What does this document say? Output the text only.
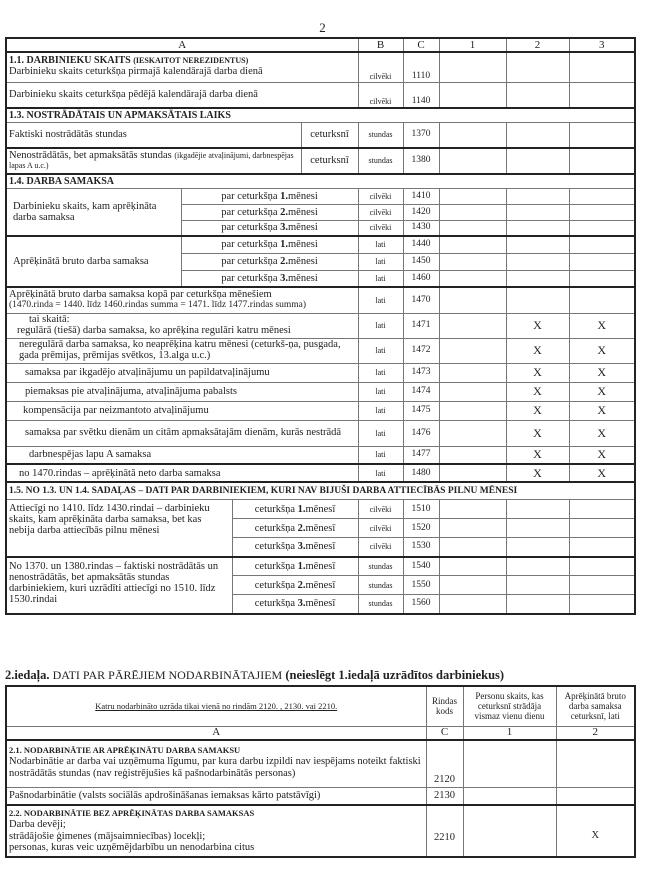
2
A				B	C	1	2	3

1.1. DARBINIEKU SKAITS (IESKAITOT NEREZIDENTUS)
Darbinieku skaits ceturkšņa pirmajā kalendārajā darba dienā				cilvēki	1110			
Darbinieku skaits ceturkšņa pēdējā kalendārajā darba dienā				cilvēki	1140			
1.3. NOSTRĀDĀTAIS UN APMAKSĀTAIS LAIKS								
Faktiski nostrādātās stundas			ceturksnī	stundas	1370			
Nenostrādātās, bet apmaksātās stundas (ikgadējie atvaļinājumi, darbnespējas lapas A u.c.)			ceturksnī	stundas	1380			
1.4. DARBA SAMAKSA								
Darbinieku skaits, kam aprēķināta darba samaksa	par ceturkšņa 1.mēnesi			cilvēki	1410			
	par ceturkšņa 2.mēnesi			cilvēki	1420			
	par ceturkšņa 3.mēnesi			cilvēki	1430			
Aprēķinātā bruto darba samaksa	par ceturkšņa 1.mēnesi			lati	1440			
	par ceturkšņa 2.mēnesi			lati	1450			
	par ceturkšņa 3.mēnesi			lati	1460			

Aprēķinātā bruto darba samaksa kopā par ceturkšņa mēnešiem
(1470.rinda = 1440. līdz 1460.rindas summa = 1471. līdz 1477.rindas summa)				lati	1470			

tai skaitā:
regulārā (tiešā) darba samaksa, ko aprēķina regulāri katru mēnesi				lati	1471		X	X
neregulārā darba samaksa, ko neaprēķina katru mēnesi (ceturkš-ņa, pusgada, gada prēmijas, prēmijas svētkos, 13.alga u.c.)				lati	1472		X	X
samaksa par ikgadējo atvaļinājumu un papildatvaļinājumu				lati	1473		X	X
piemaksas pie atvaļinājuma, atvaļinājuma pabalsts				lati	1474		X	X
kompensācija par neizmantoto atvaļinājumu				lati	1475		X	X
samaksa par svētku dienām un citām apmaksātajām dienām, kurās nestrādā				lati	1476		X	X
darbnespējas lapu A samaksa				lati	1477		X	X
no 1470.rindas – aprēķinātā neto darba samaksa				lati	1480		X	X
1.5. NO 1.3. UN 1.4. SADAĻAS – DATI PAR DARBINIEKIEM, KURI NAV BIJUŠI DARBA ATTIECĪBĀS PILNU MĒNESI								
Attiecīgi no 1410. līdz 1430.rindai – darbinieku skaits, kam aprēķināta darba samaksa, bet kas nebija darba attiecībās pilnu mēnesi		ceturkšņa 1.mēnesī		cilvēki	1510			
		ceturkšņa 2.mēnesī		cilvēki	1520			
		ceturkšņa 3.mēnesī		cilvēki	1530			
No 1370. un 1380.rindas – faktiski nostrādātās un nenostrādātās, bet apmaksātās stundas darbiniekiem, kuri uzrādīti attiecīgi no 1510. līdz 1530.rindai		ceturkšņa 1.mēnesī		stundas	1540			
		ceturkšņa 2.mēnesī		stundas	1550			
		ceturkšņa 3.mēnesī		stundas	1560			
2.iedaļa. DATI PAR PĀRĒJIEM NODARBINĀTAJIEM (neieslēgt 1.iedaļā uzrādītos darbiniekus)
Katru nodarbināto uzrāda tikai vienā no rindām 2120. , 2130. vai 2210.	Rindas kods	Personu skaits, kas ceturksnī strādāja vismaz vienu dienu	Aprēķinātā bruto darba samaksa ceturksnī, lati
A	C	1	2

2.1. NODARBINĀTIE AR APRĒĶINĀTU DARBA SAMAKSU
Nodarbinātie ar darba vai uzņēmuma līgumu, par kura darbu izpildi nav iespējams noteikt faktiski nostrādātās stundas (nav reģistrējušies kā pašnodarbinātās personas)	2120		
Pašnodarbinātie (valsts sociālās apdrošināšanas iemaksas kārto patstāvīgi)	2130		

2.2. NODARBINĀTIE BEZ APRĒĶINĀTAS DARBA SAMAKSAS
Darba devēji;
strādājošie ģimenes (mājsaimniecības) locekļi;
personas, kuras veic uzņēmējdarbību un nenodarbina citus	2210		X
